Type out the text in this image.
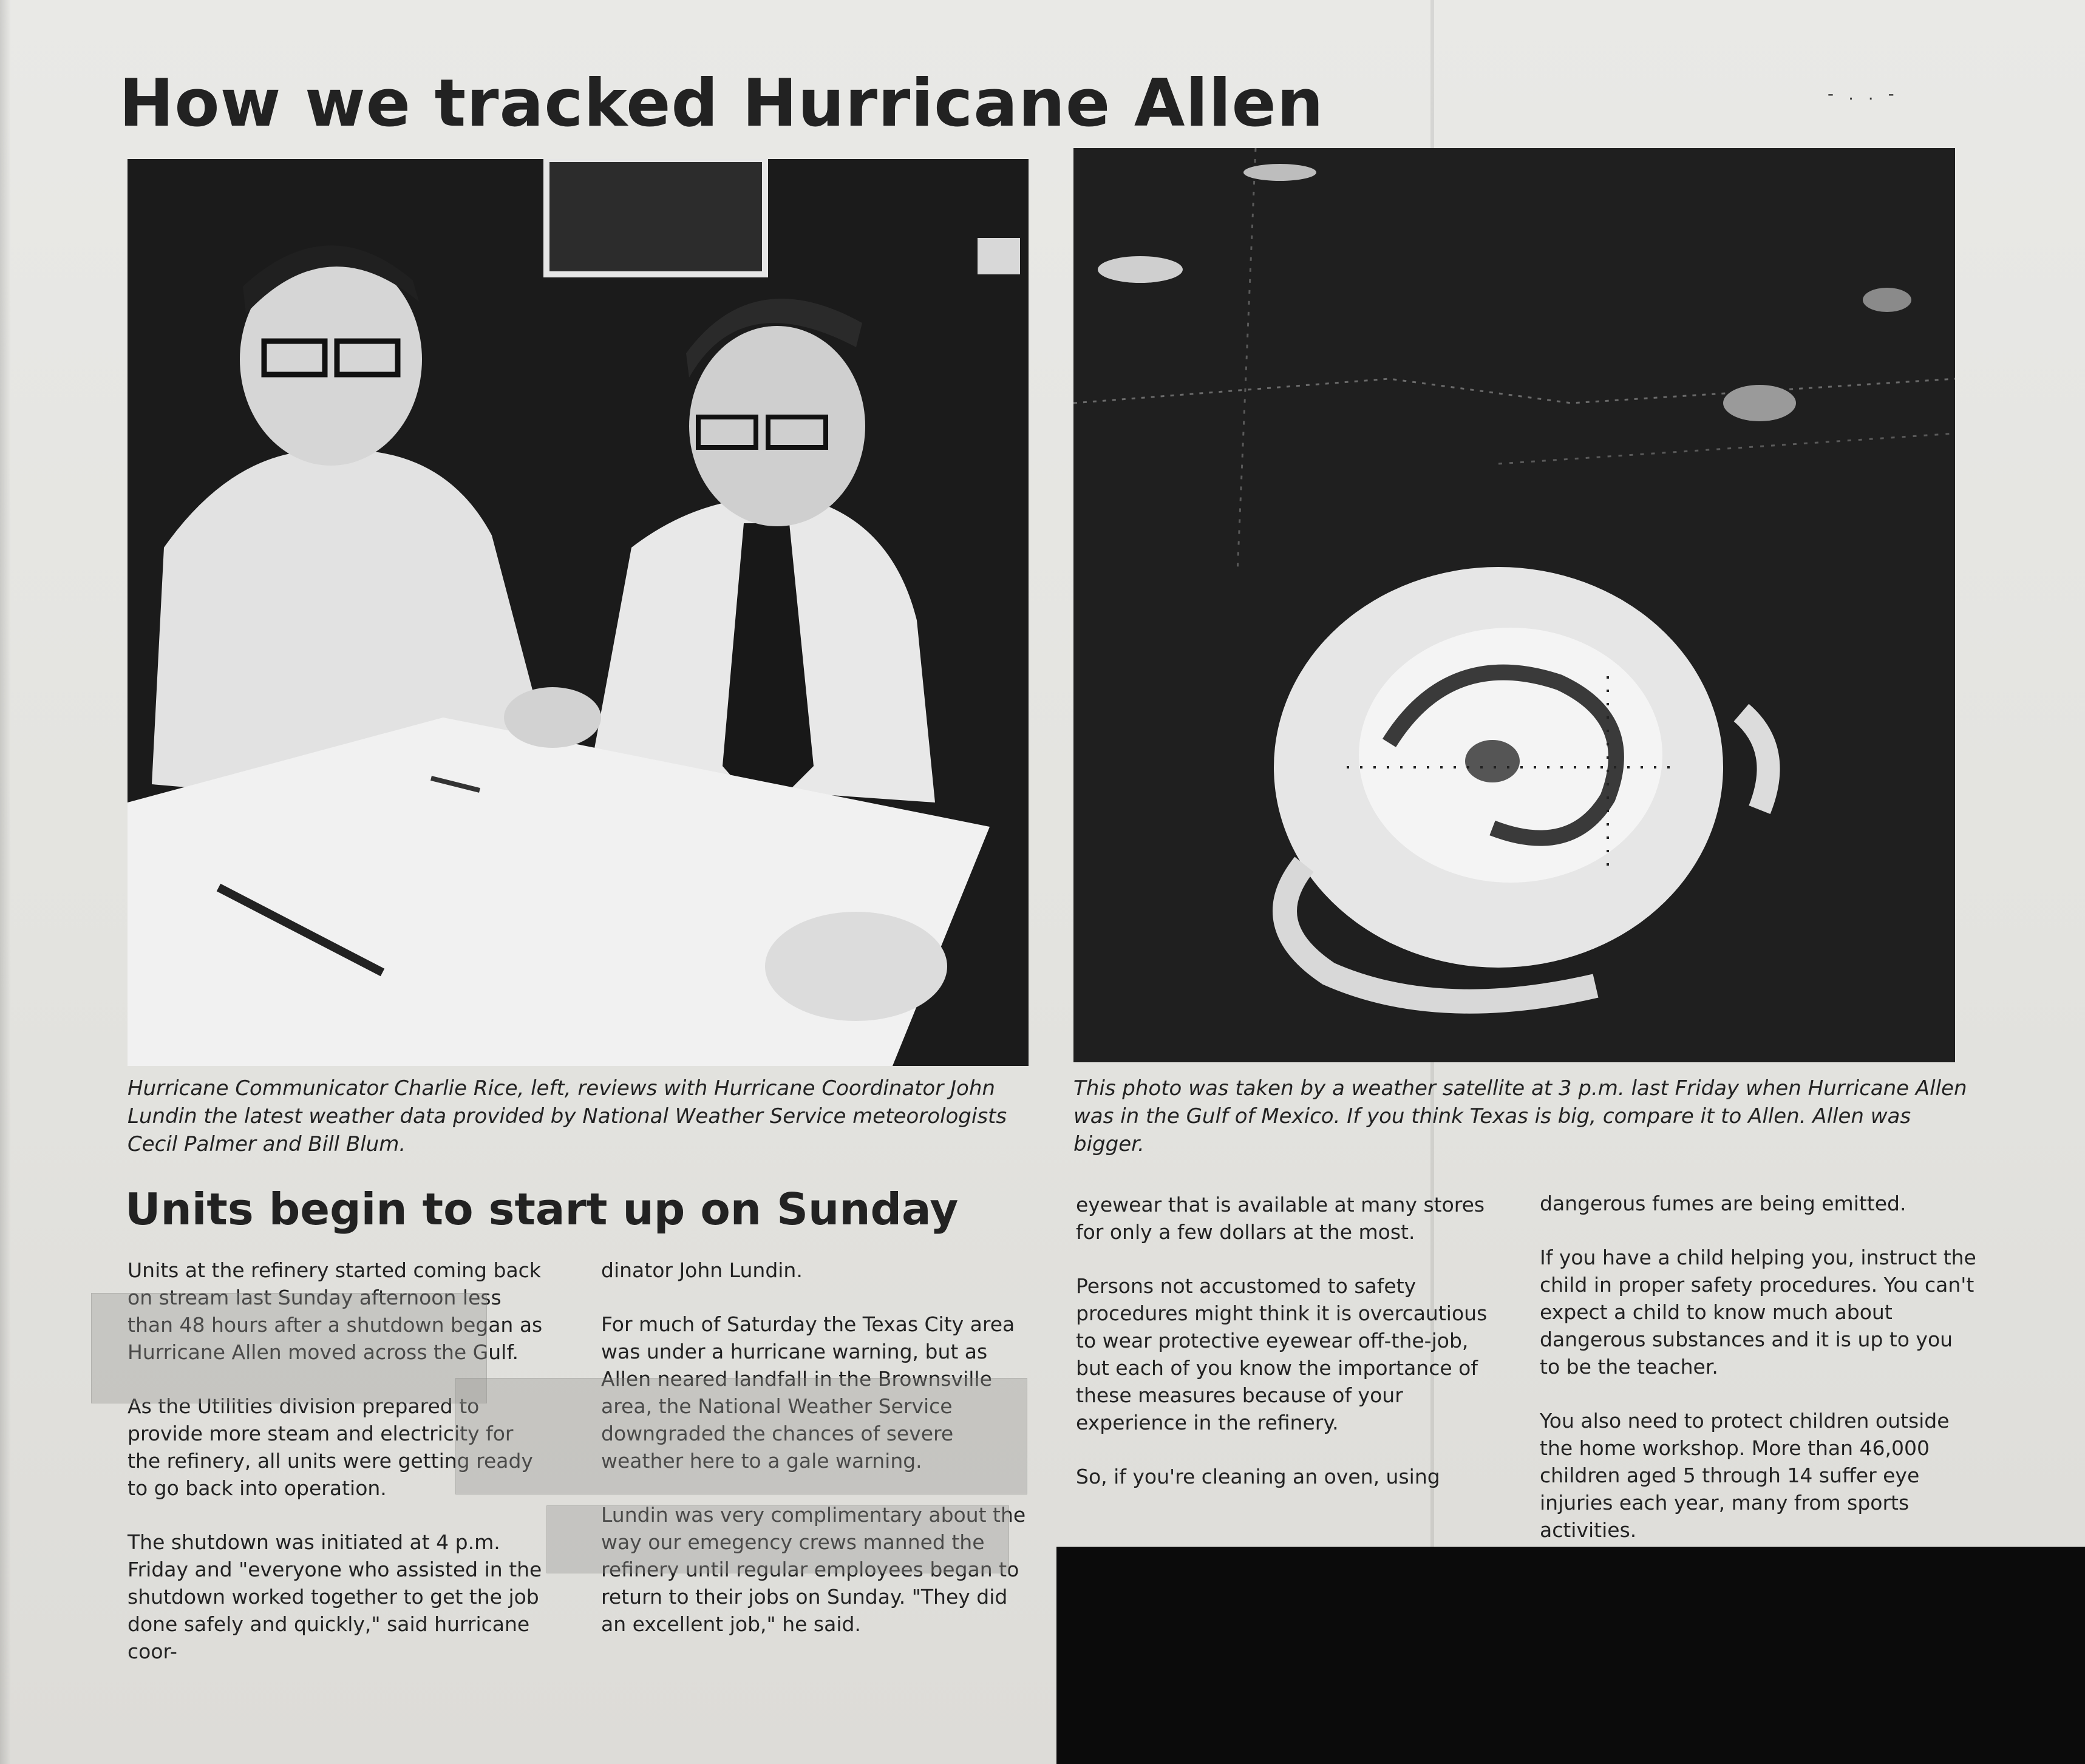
How we tracked Hurricane Allen	- . . -

Hurricane Communicator Charlie Rice, left, reviews with Hurricane Coordinator John Lundin the latest weather data provided by National Weather Service meteorologists Cecil Palmer and Bill Blum.

This photo was taken by a weather satellite at 3 p.m. last Friday when Hurricane Allen was in the Gulf of Mexico. If you think Texas is big, compare it to Allen. Allen was bigger.

Units begin to start up on Sunday

Units at the refinery started coming back on stream last Sunday afternoon less than 48 hours after a shutdown began as Hurricane Allen moved across the Gulf.

As the Utilities division prepared to provide more steam and electricity for the refinery, all units were getting ready to go back into operation.

The shutdown was initiated at 4 p.m. Friday and "everyone who assisted in the shutdown worked together to get the job done safely and quickly," said hurricane coor-

dinator John Lundin.

For much of Saturday the Texas City area was under a hurricane warning, but as Allen neared landfall in the Brownsville area, the National Weather Service downgraded the chances of severe weather here to a gale warning.

Lundin was very complimentary about the way our emegency crews manned the refinery until regular employees began to return to their jobs on Sunday. "They did an excellent job," he said.

eyewear that is available at many stores for only a few dollars at the most.

Persons not accustomed to safety procedures might think it is overcautious to wear protective eyewear off-the-job, but each of you know the importance of these measures because of your experience in the refinery.

So, if you're cleaning an oven, using

dangerous fumes are being emitted.

If you have a child helping you, instruct the child in proper safety procedures. You can't expect a child to know much about dangerous substances and it is up to you to be the teacher.

You also need to protect children outside the home workshop. More than 46,000 children aged 5 through 14 suffer eye injuries each year, many from sports activities.
